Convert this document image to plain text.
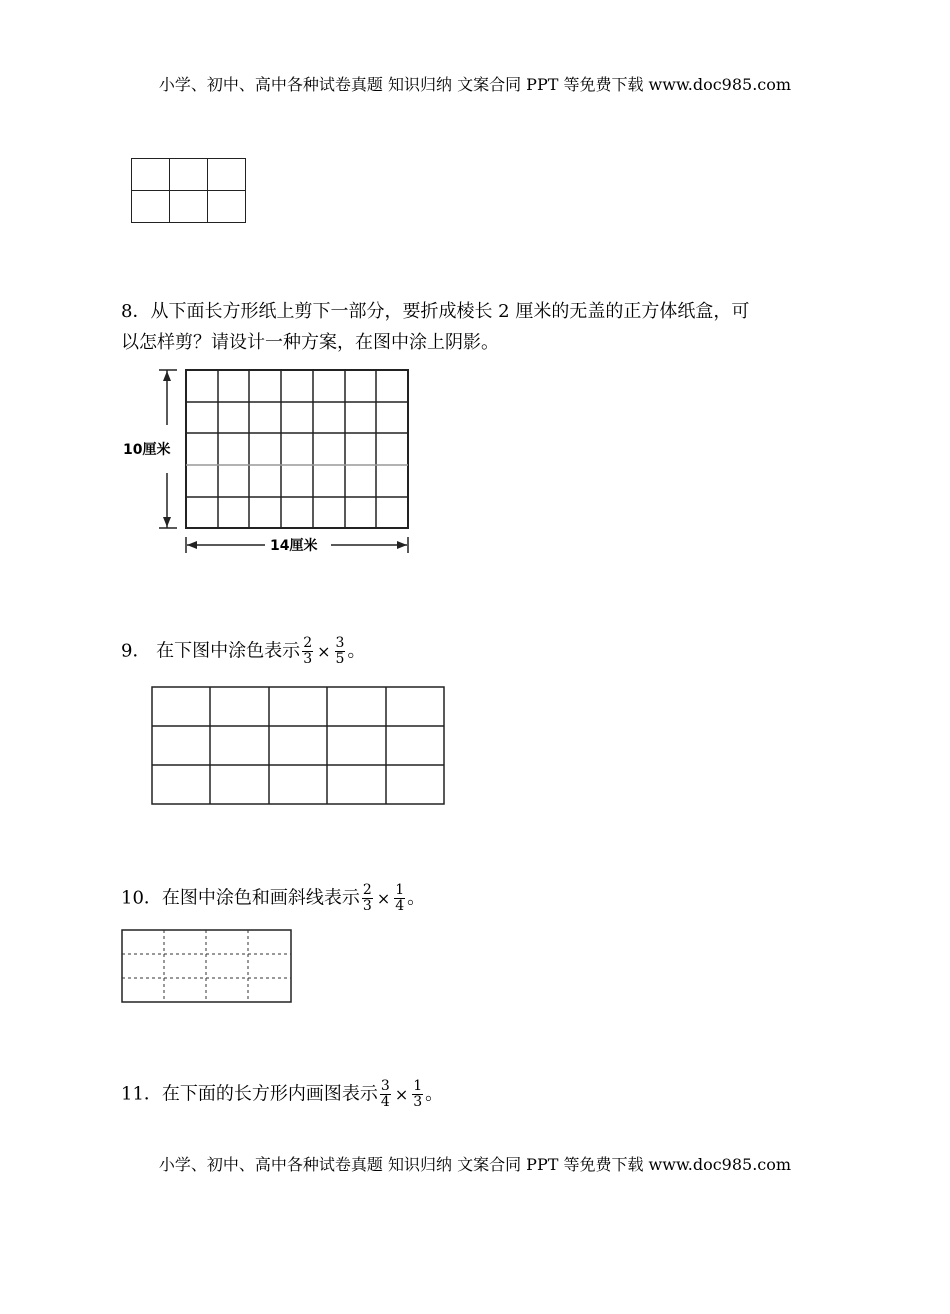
小学、初中、高中各种试卷真题 知识归纳 文案合同 PPT 等免费下载 www.doc985.com

8．从下面长方形纸上剪下一部分，要折成棱长 2 厘米的无盖的正方体纸盒，可
以怎样剪？请设计一种方案，在图中涂上阴影。
10厘米
14厘米
9． 在下图中涂色表示 $\frac{2}{3} \times \frac{3}{5}$ 。
10．在图中涂色和画斜线表示 $\frac{2}{3} \times \frac{1}{4}$ 。
11．在下面的长方形内画图表示 $\frac{3}{4} \times \frac{1}{3}$ 。
小学、初中、高中各种试卷真题 知识归纳 文案合同 PPT 等免费下载 www.doc985.com
